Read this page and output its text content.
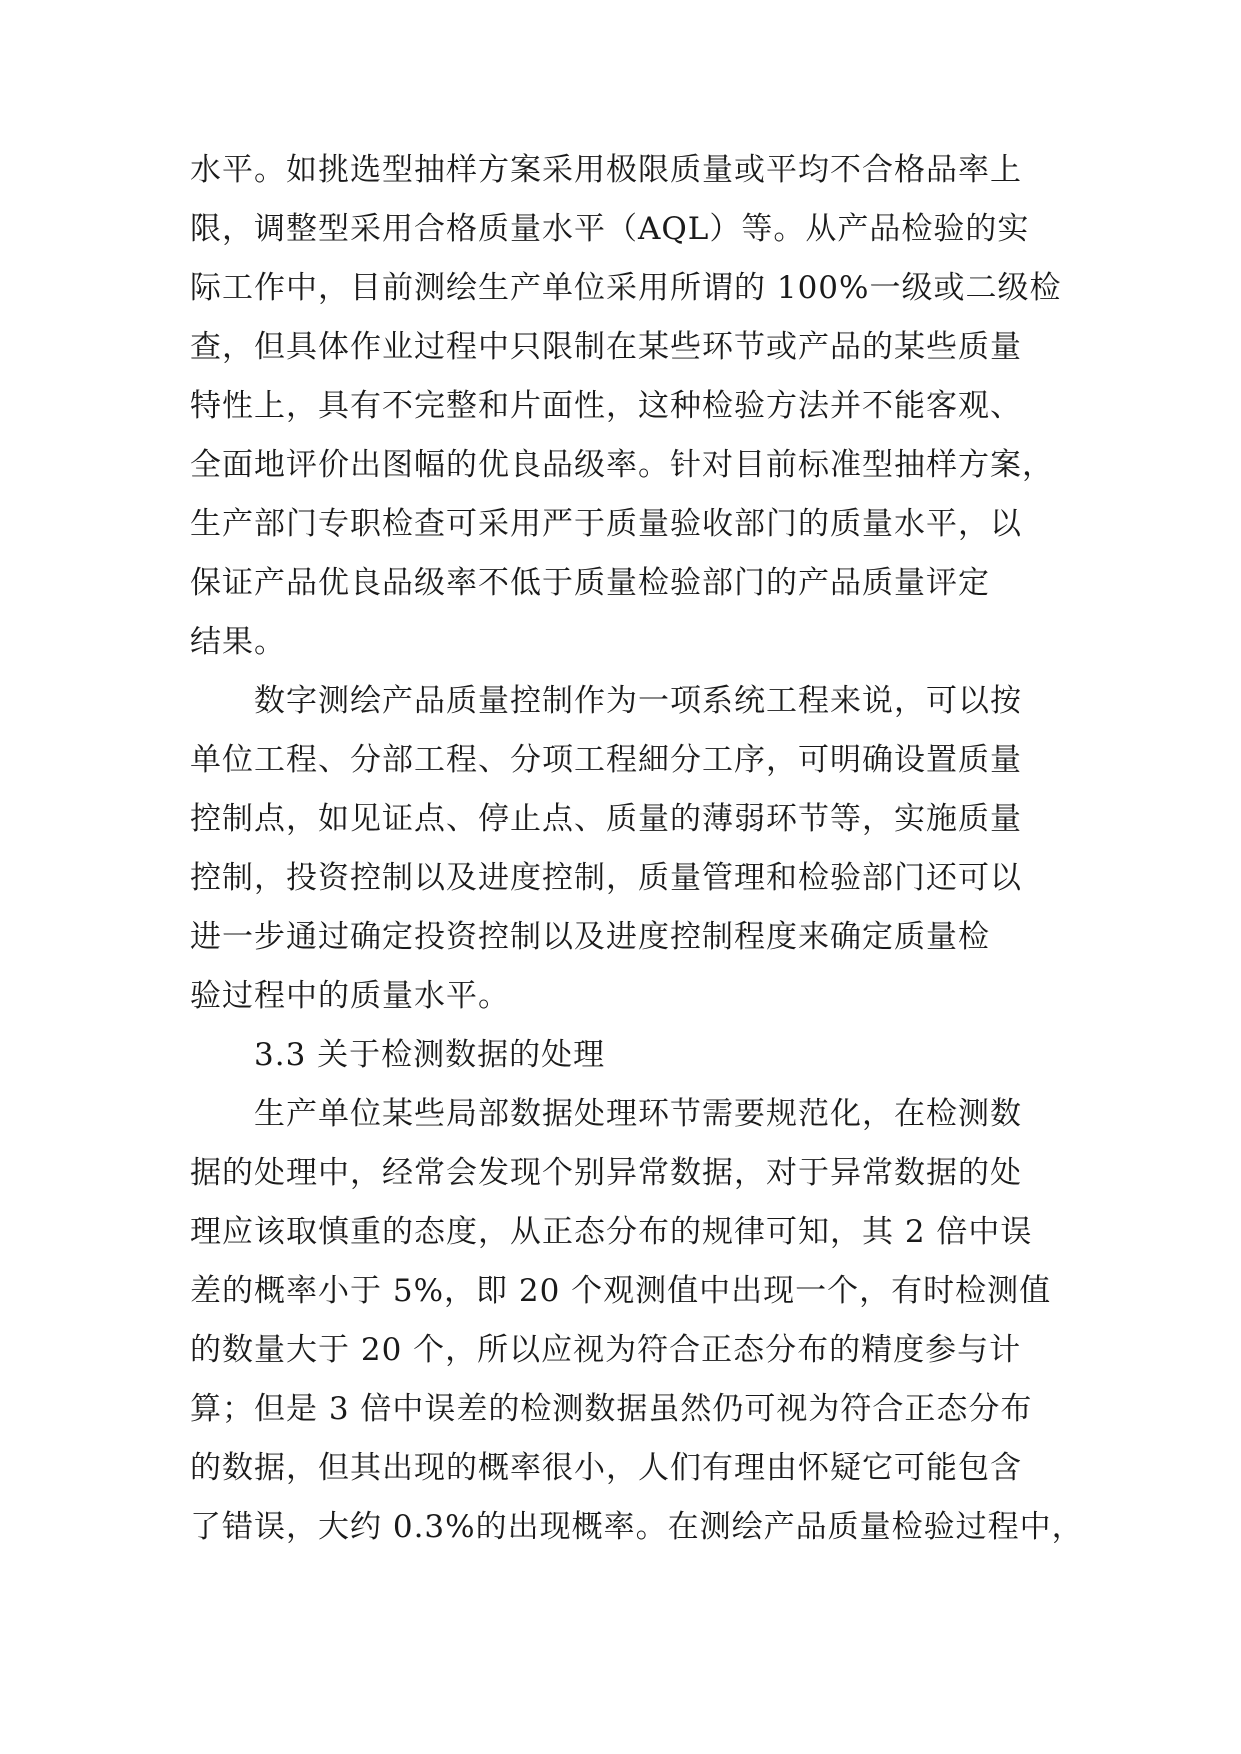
水平。如挑选型抽样方案采用极限质量或平均不合格品率上
限，调整型采用合格质量水平（AQL）等。从产品检验的实
际工作中，目前测绘生产单位采用所谓的 100%一级或二级检
查，但具体作业过程中只限制在某些环节或产品的某些质量
特性上，具有不完整和片面性，这种检验方法并不能客观、
全面地评价出图幅的优良品级率。针对目前标准型抽样方案，
生产部门专职检查可采用严于质量验收部门的质量水平，以
保证产品优良品级率不低于质量检验部门的产品质量评定
结果。
数字测绘产品质量控制作为一项系统工程来说，可以按
单位工程、分部工程、分项工程細分工序，可明确设置质量
控制点，如见证点、停止点、质量的薄弱环节等，实施质量
控制，投资控制以及进度控制，质量管理和检验部门还可以
进一步通过确定投资控制以及进度控制程度来确定质量检
验过程中的质量水平。
3.3 关于检测数据的处理
生产单位某些局部数据处理环节需要规范化，在检测数
据的处理中，经常会发现个别异常数据，对于异常数据的处
理应该取慎重的态度，从正态分布的规律可知，其 2 倍中误
差的概率小于 5%，即 20 个观测值中出现一个，有时检测值
的数量大于 20 个，所以应视为符合正态分布的精度参与计
算；但是 3 倍中误差的检测数据虽然仍可视为符合正态分布
的数据，但其出现的概率很小，人们有理由怀疑它可能包含
了错误，大约 0.3%的出现概率。在测绘产品质量检验过程中，
